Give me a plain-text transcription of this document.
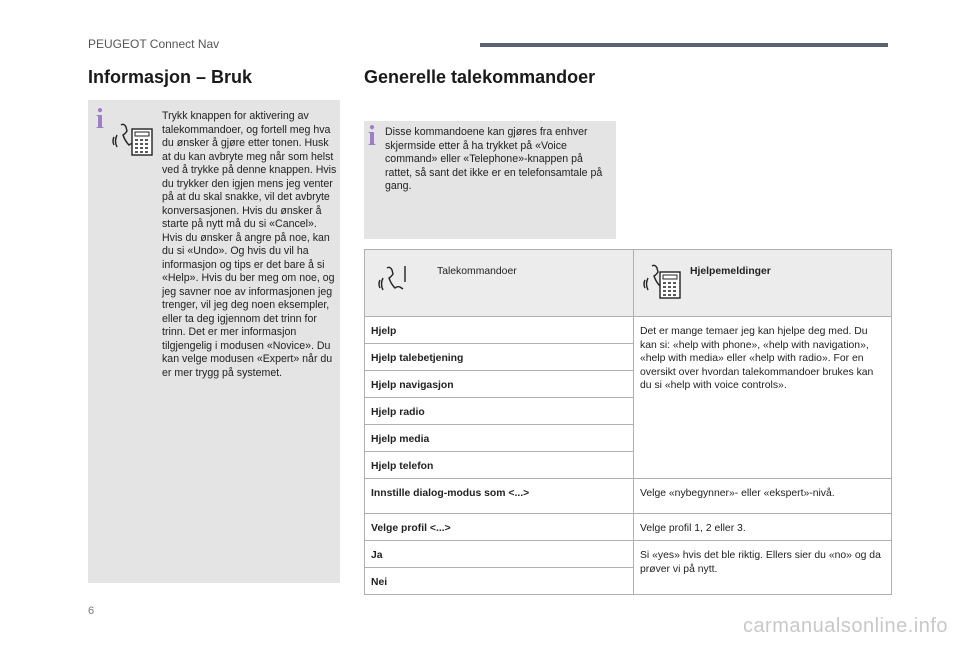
PEUGEOT Connect Nav
Informasjon – Bruk	Generelle talekommandoer
i	Trykk knappen for aktivering av talekommandoer, og fortell meg hva du ønsker å gjøre etter tonen. Husk at du kan avbryte meg når som helst ved å trykke på denne knappen. Hvis du trykker den igjen mens jeg venter på at du skal snakke, vil det avbryte konversasjonen. Hvis du ønsker å starte på nytt må du si «Cancel». Hvis du ønsker å angre på noe, kan du si «Undo». Og hvis du vil ha informasjon og tips er det bare å si «Help». Hvis du ber meg om noe, og jeg savner noe av informasjonen jeg trenger, vil jeg deg noen eksempler, eller ta deg igjennom det trinn for trinn. Det er mer informasjon tilgjengelig i modusen «Novice». Du kan velge modusen «Expert» når du er mer trygg på systemet.
i Disse kommandoene kan gjøres fra enhver skjermside etter å ha trykket på «Voice command» eller «Telephone»-knappen på rattet, så sant det ikke er en telefonsamtale på gang.
Talekommandoer	Hjelpemeldinger

Hjelp	Det er mange temaer jeg kan hjelpe deg med. Du kan si: «help with phone», «help with navigation», «help with media» eller «help with radio». For en oversikt over hvordan talekommandoer brukes kan du si «help with voice controls».
Hjelp talebetjening	
Hjelp navigasjon	
Hjelp radio	
Hjelp media	
Hjelp telefon	
Innstille dialog-modus som <...>	Velge «nybegynner»- eller «ekspert»-nivå.
Velge profil <...>	Velge profil 1, 2 eller 3.
Ja	Si «yes» hvis det ble riktig. Ellers sier du «no» og da prøver vi på nytt.
Nei	
6
carmanualsonline.info
